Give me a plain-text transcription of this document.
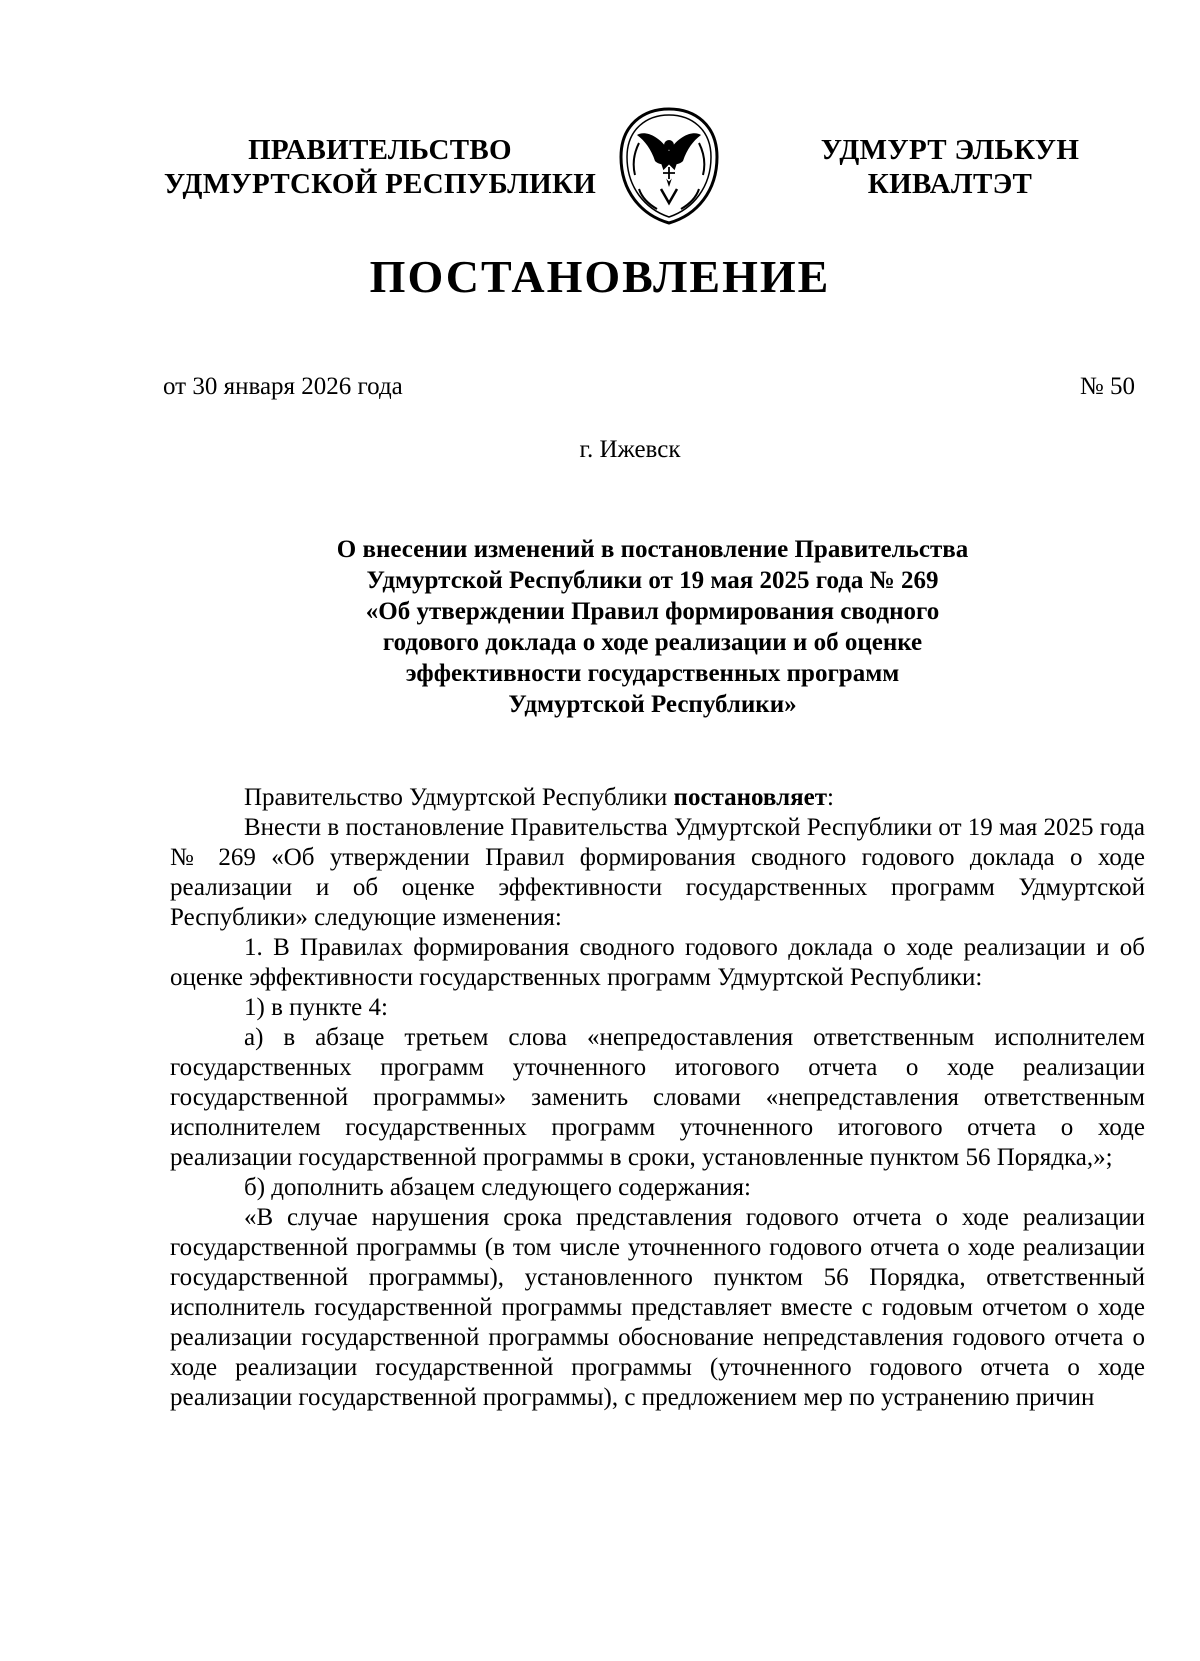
ПРАВИТЕЛЬСТВО
УДМУРТСКОЙ РЕСПУБЛИКИ
УДМУРТ ЭЛЬКУН
КИВАЛТЭТ
ПОСТАНОВЛЕНИЕ
от 30 января 2026 года	№ 50
г. Ижевск
О внесении изменений в постановление Правительства
Удмуртской Республики от 19 мая 2025 года № 269
«Об утверждении Правил формирования сводного
годового доклада о ходе реализации и об оценке
эффективности государственных программ
Удмуртской Республики»

Правительство Удмуртской Республики постановляет:

Внести в постановление Правительства Удмуртской Республики от 19 мая 2025 года № 269 «Об утверждении Правил формирования сводного годового доклада о ходе реализации и об оценке эффективности государственных программ Удмуртской Республики» следующие изменения:

1. В Правилах формирования сводного годового доклада о ходе реализации и об оценке эффективности государственных программ Удмуртской Республики:

1) в пункте 4:

а) в абзаце третьем слова «непредоставления ответственным исполнителем государственных программ уточненного итогового отчета о ходе реализации государственной программы» заменить словами «непредставления ответственным исполнителем государственных программ уточненного итогового отчета о ходе реализации государственной программы в сроки, установленные пунктом 56 Порядка,»;

б) дополнить абзацем следующего содержания:

«В случае нарушения срока представления годового отчета о ходе реализации государственной программы (в том числе уточненного годового отчета о ходе реализации государственной программы), установленного пунктом 56 Порядка, ответственный исполнитель государственной программы представляет вместе с годовым отчетом о ходе реализации государственной программы обоснование непредставления годового отчета о ходе реализации государственной программы (уточненного годового отчета о ходе реализации государственной программы), с предложением мер по устранению причин
